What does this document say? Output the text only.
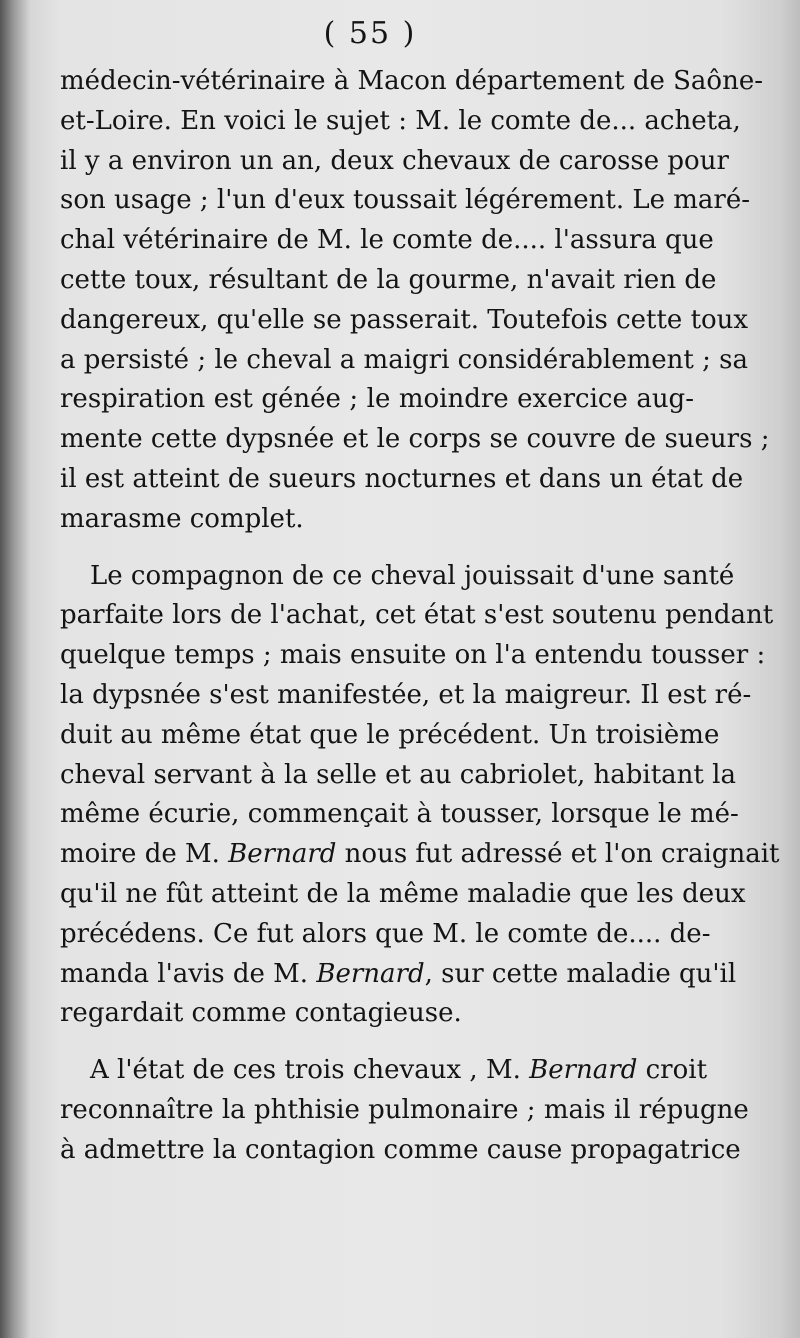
( 55 )
médecin-vétérinaire à Macon département de Saône-
et-Loire. En voici le sujet : M. le comte de... acheta,
il y a environ un an, deux chevaux de carosse pour
son usage ; l'un d'eux toussait légérement. Le maré-
chal vétérinaire de M. le comte de.... l'assura que
cette toux, résultant de la gourme, n'avait rien de
dangereux, qu'elle se passerait. Toutefois cette toux
a persisté ; le cheval a maigri considérablement ; sa
respiration est génée ; le moindre exercice aug-
mente cette dypsnée et le corps se couvre de sueurs ;
il est atteint de sueurs nocturnes et dans un état de
marasme complet.
Le compagnon de ce cheval jouissait d'une santé
parfaite lors de l'achat, cet état s'est soutenu pendant
quelque temps ; mais ensuite on l'a entendu tousser :
la dypsnée s'est manifestée, et la maigreur. Il est ré-
duit au même état que le précédent. Un troisième
cheval servant à la selle et au cabriolet, habitant la
même écurie, commençait à tousser, lorsque le mé-
moire de M. Bernard nous fut adressé et l'on craignait
qu'il ne fût atteint de la même maladie que les deux
précédens. Ce fut alors que M. le comte de.... de-
manda l'avis de M. Bernard, sur cette maladie qu'il
regardait comme contagieuse.
A l'état de ces trois chevaux , M. Bernard croit
reconnaître la phthisie pulmonaire ; mais il répugne
à admettre la contagion comme cause propagatrice
